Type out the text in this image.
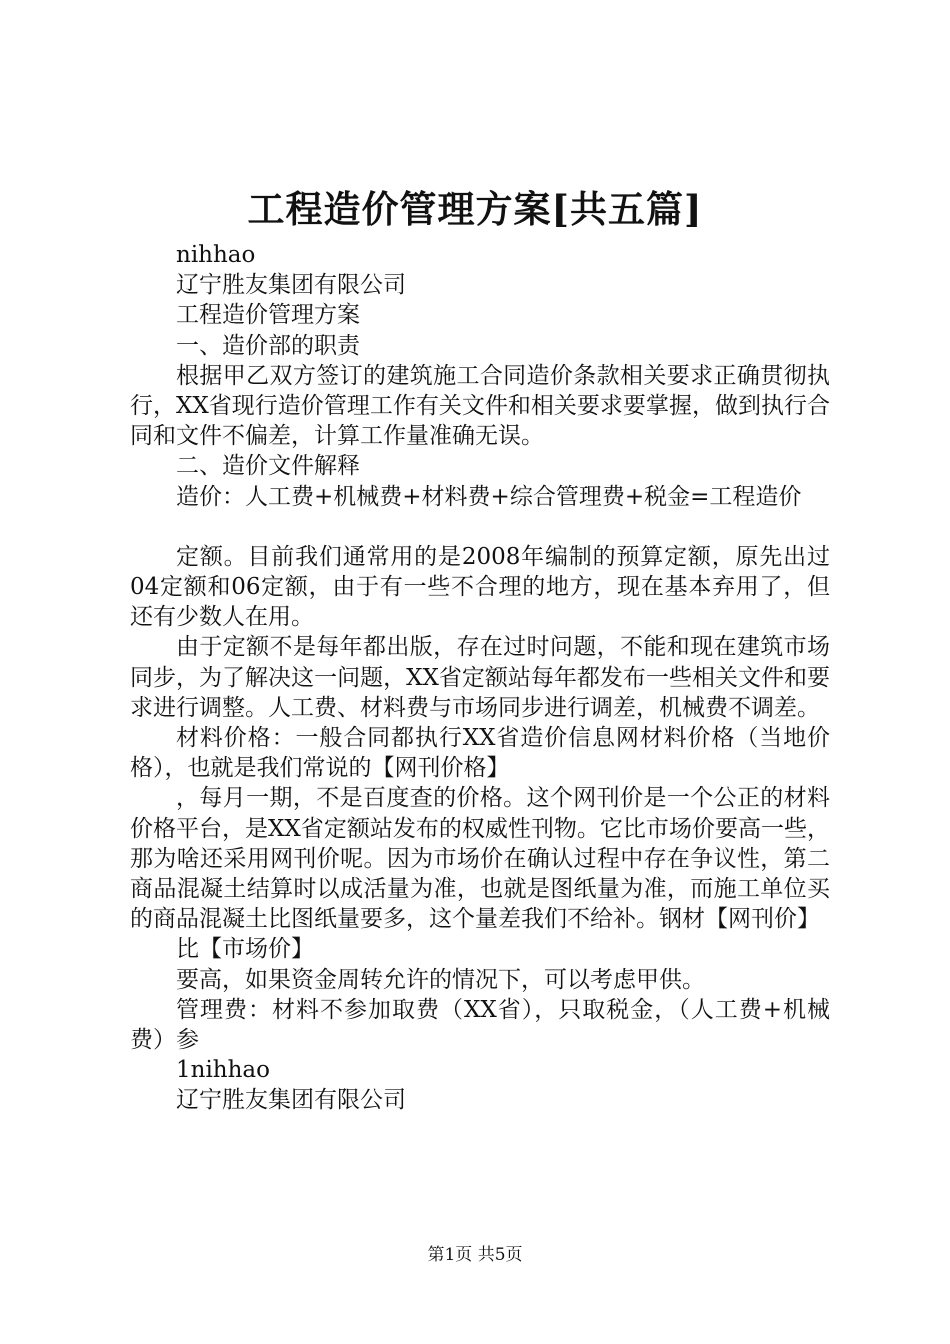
工程造价管理方案[共五篇]

nihhao

辽宁胜友集团有限公司

工程造价管理方案

一、造价部的职责

根据甲乙双方签订的建筑施工合同造价条款相关要求正确贯彻执行，XX省现行造价管理工作有关文件和相关要求要掌握，做到执行合同和文件不偏差，计算工作量准确无误。

二、造价文件解释

造价：人工费+机械费+材料费+综合管理费+税金=工程造价

定额。目前我们通常用的是2008年编制的预算定额，原先出过04定额和06定额，由于有一些不合理的地方，现在基本弃用了，但还有少数人在用。

由于定额不是每年都出版，存在过时问题，不能和现在建筑市场同步，为了解决这一问题，XX省定额站每年都发布一些相关文件和要求进行调整。人工费、材料费与市场同步进行调差，机械费不调差。

材料价格：一般合同都执行XX省造价信息网材料价格（当地价格），也就是我们常说的【网刊价格】

，每月一期，不是百度查的价格。这个网刊价是一个公正的材料价格平台，是XX省定额站发布的权威性刊物。它比市场价要高一些，那为啥还采用网刊价呢。因为市场价在确认过程中存在争议性，第二商品混凝土结算时以成活量为准，也就是图纸量为准，而施工单位买的商品混凝土比图纸量要多，这个量差我们不给补。钢材【网刊价】

比【市场价】

要高，如果资金周转允许的情况下，可以考虑甲供。

管理费：材料不参加取费（XX省），只取税金，（人工费+机械费）参

1nihhao

辽宁胜友集团有限公司

第1页 共5页
